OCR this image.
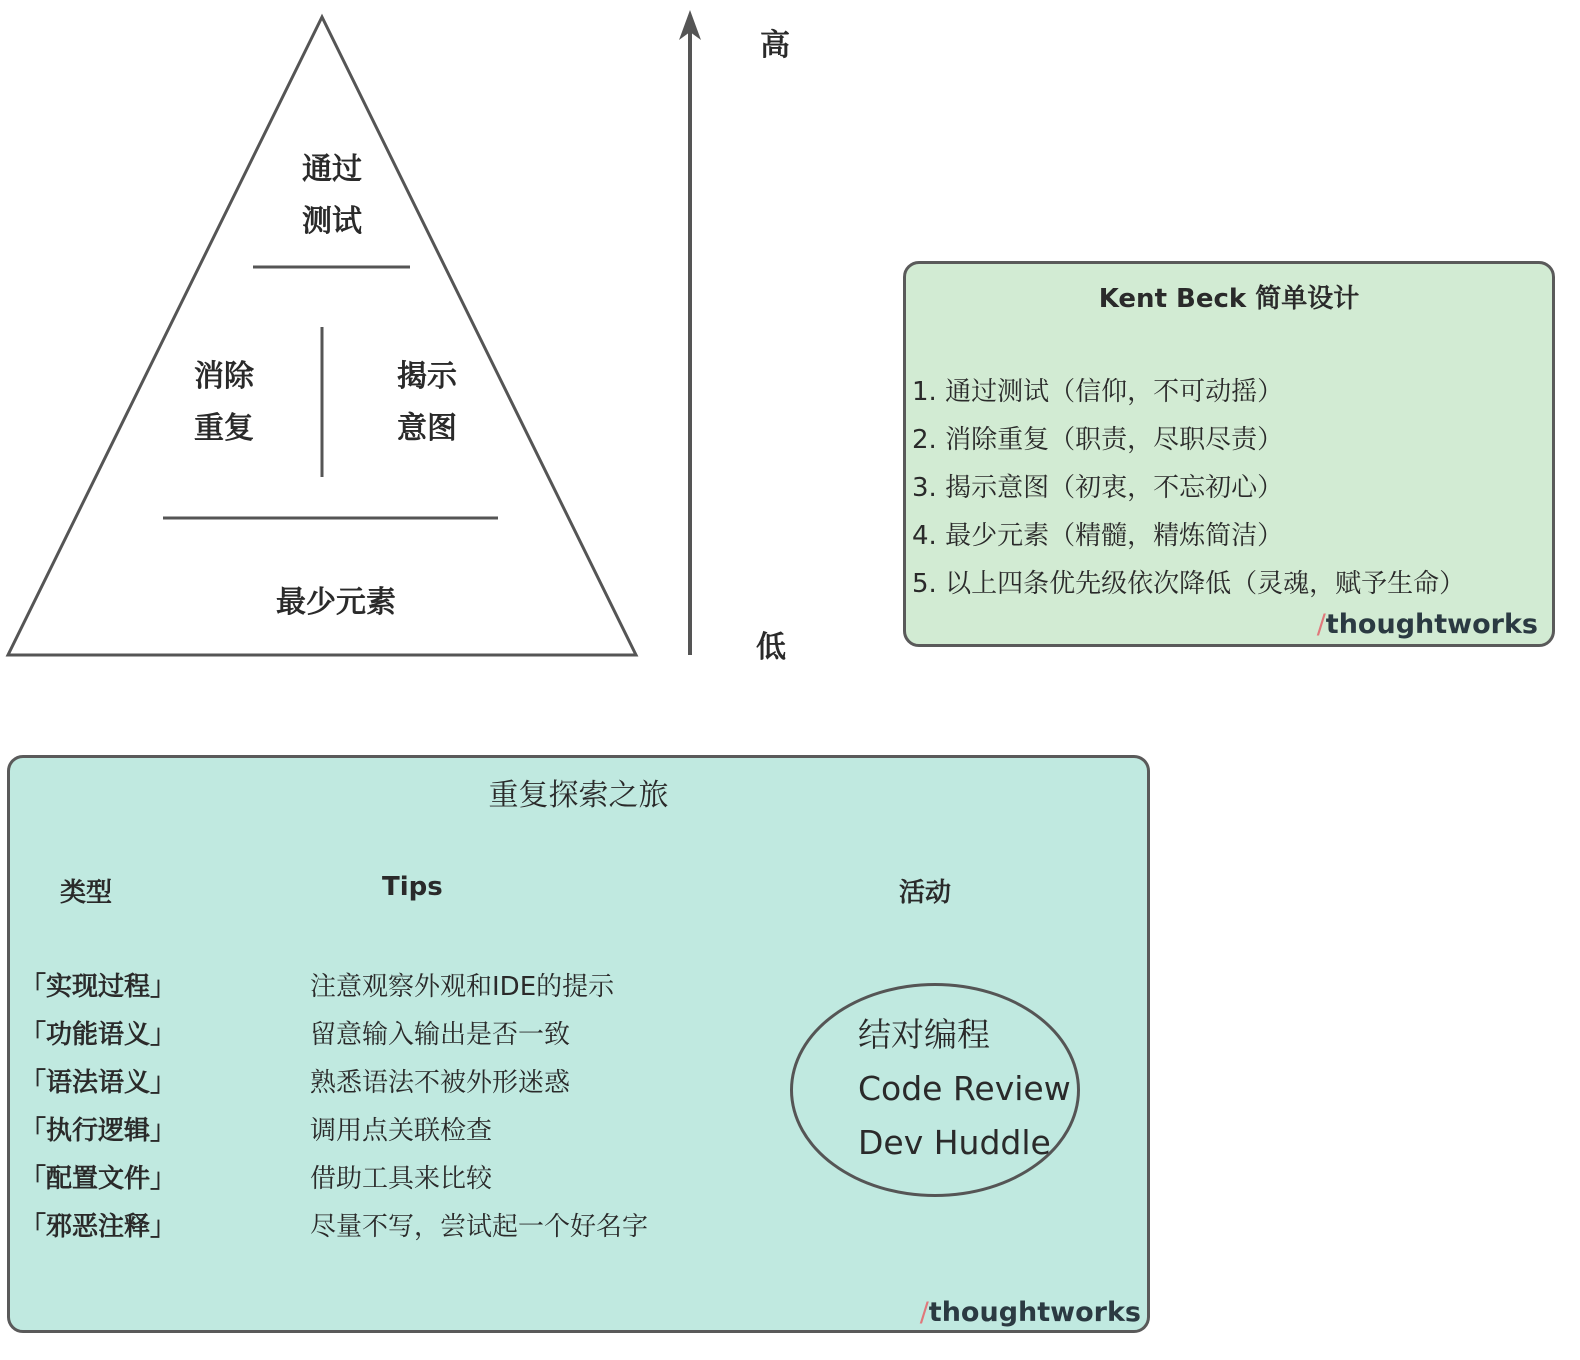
通过
测试
消除
重复
揭示
意图
最少元素
高
低
Kent Beck 简单设计
1. 通过测试（信仰，不可动摇）
2. 消除重复（职责，尽职尽责）
3. 揭示意图（初衷，不忘初心）
4. 最少元素（精髓，精炼简洁）
5. 以上四条优先级依次降低（灵魂，赋予生命）
/thoughtworks
重复探索之旅
类型	Tips	活动
「实现过程」
「功能语义」
「语法语义」
「执行逻辑」
「配置文件」
「邪恶注释」
注意观察外观和IDE的提示
留意输入输出是否一致
熟悉语法不被外形迷惑
调用点关联检查
借助工具来比较
尽量不写，尝试起一个好名字
结对编程
Code Review
Dev Huddle
/thoughtworks
